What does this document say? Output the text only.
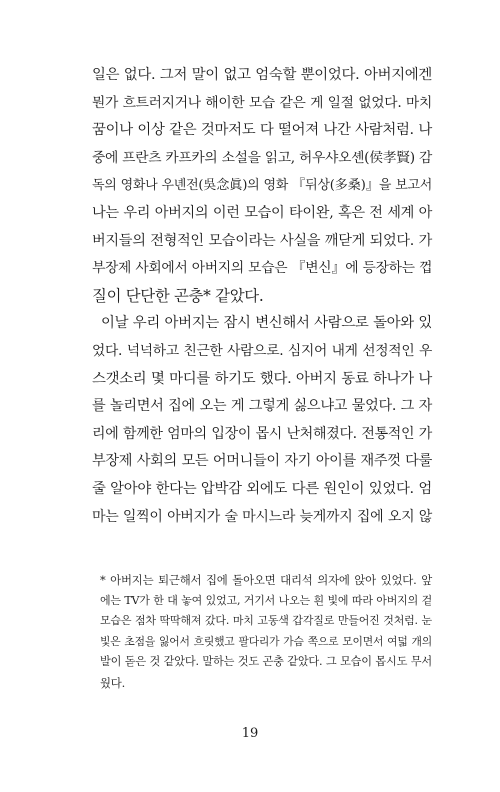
일은 없다. 그저 말이 없고 엄숙할 뿐이었다. 아버지에겐
뭔가 흐트러지거나 해이한 모습 같은 게 일절 없었다. 마치
꿈이나 이상 같은 것마저도 다 떨어져 나간 사람처럼. 나
중에 프란츠 카프카의 소설을 읽고, 허우샤오셴(侯孝賢) 감
독의 영화나 우녠전(吳念眞)의 영화 『뒤상(多桑)』을 보고서
나는 우리 아버지의 이런 모습이 타이완, 혹은 전 세계 아
버지들의 전형적인 모습이라는 사실을 깨닫게 되었다. 가
부장제 사회에서 아버지의 모습은 『변신』에 등장하는 껍
질이 단단한 곤충* 같았다.
이날 우리 아버지는 잠시 변신해서 사람으로 돌아와 있
었다. 넉넉하고 친근한 사람으로. 심지어 내게 선정적인 우
스갯소리 몇 마디를 하기도 했다. 아버지 동료 하나가 나
를 놀리면서 집에 오는 게 그렇게 싫으냐고 물었다. 그 자
리에 함께한 엄마의 입장이 몹시 난처해졌다. 전통적인 가
부장제 사회의 모든 어머니들이 자기 아이를 재주껏 다룰
줄 알아야 한다는 압박감 외에도 다른 원인이 있었다. 엄
마는 일찍이 아버지가 술 마시느라 늦게까지 집에 오지 않
* 아버지는 퇴근해서 집에 돌아오면 대리석 의자에 앉아 있었다. 앞
에는 TV가 한 대 놓여 있었고, 거기서 나오는 흰 빛에 따라 아버지의 겉
모습은 점차 딱딱해져 갔다. 마치 고동색 갑각질로 만들어진 것처럼. 눈
빛은 초점을 잃어서 흐릿했고 팔다리가 가슴 쪽으로 모이면서 여덟 개의
발이 돋은 것 같았다. 말하는 것도 곤충 같았다. 그 모습이 몹시도 무서
웠다.
19
